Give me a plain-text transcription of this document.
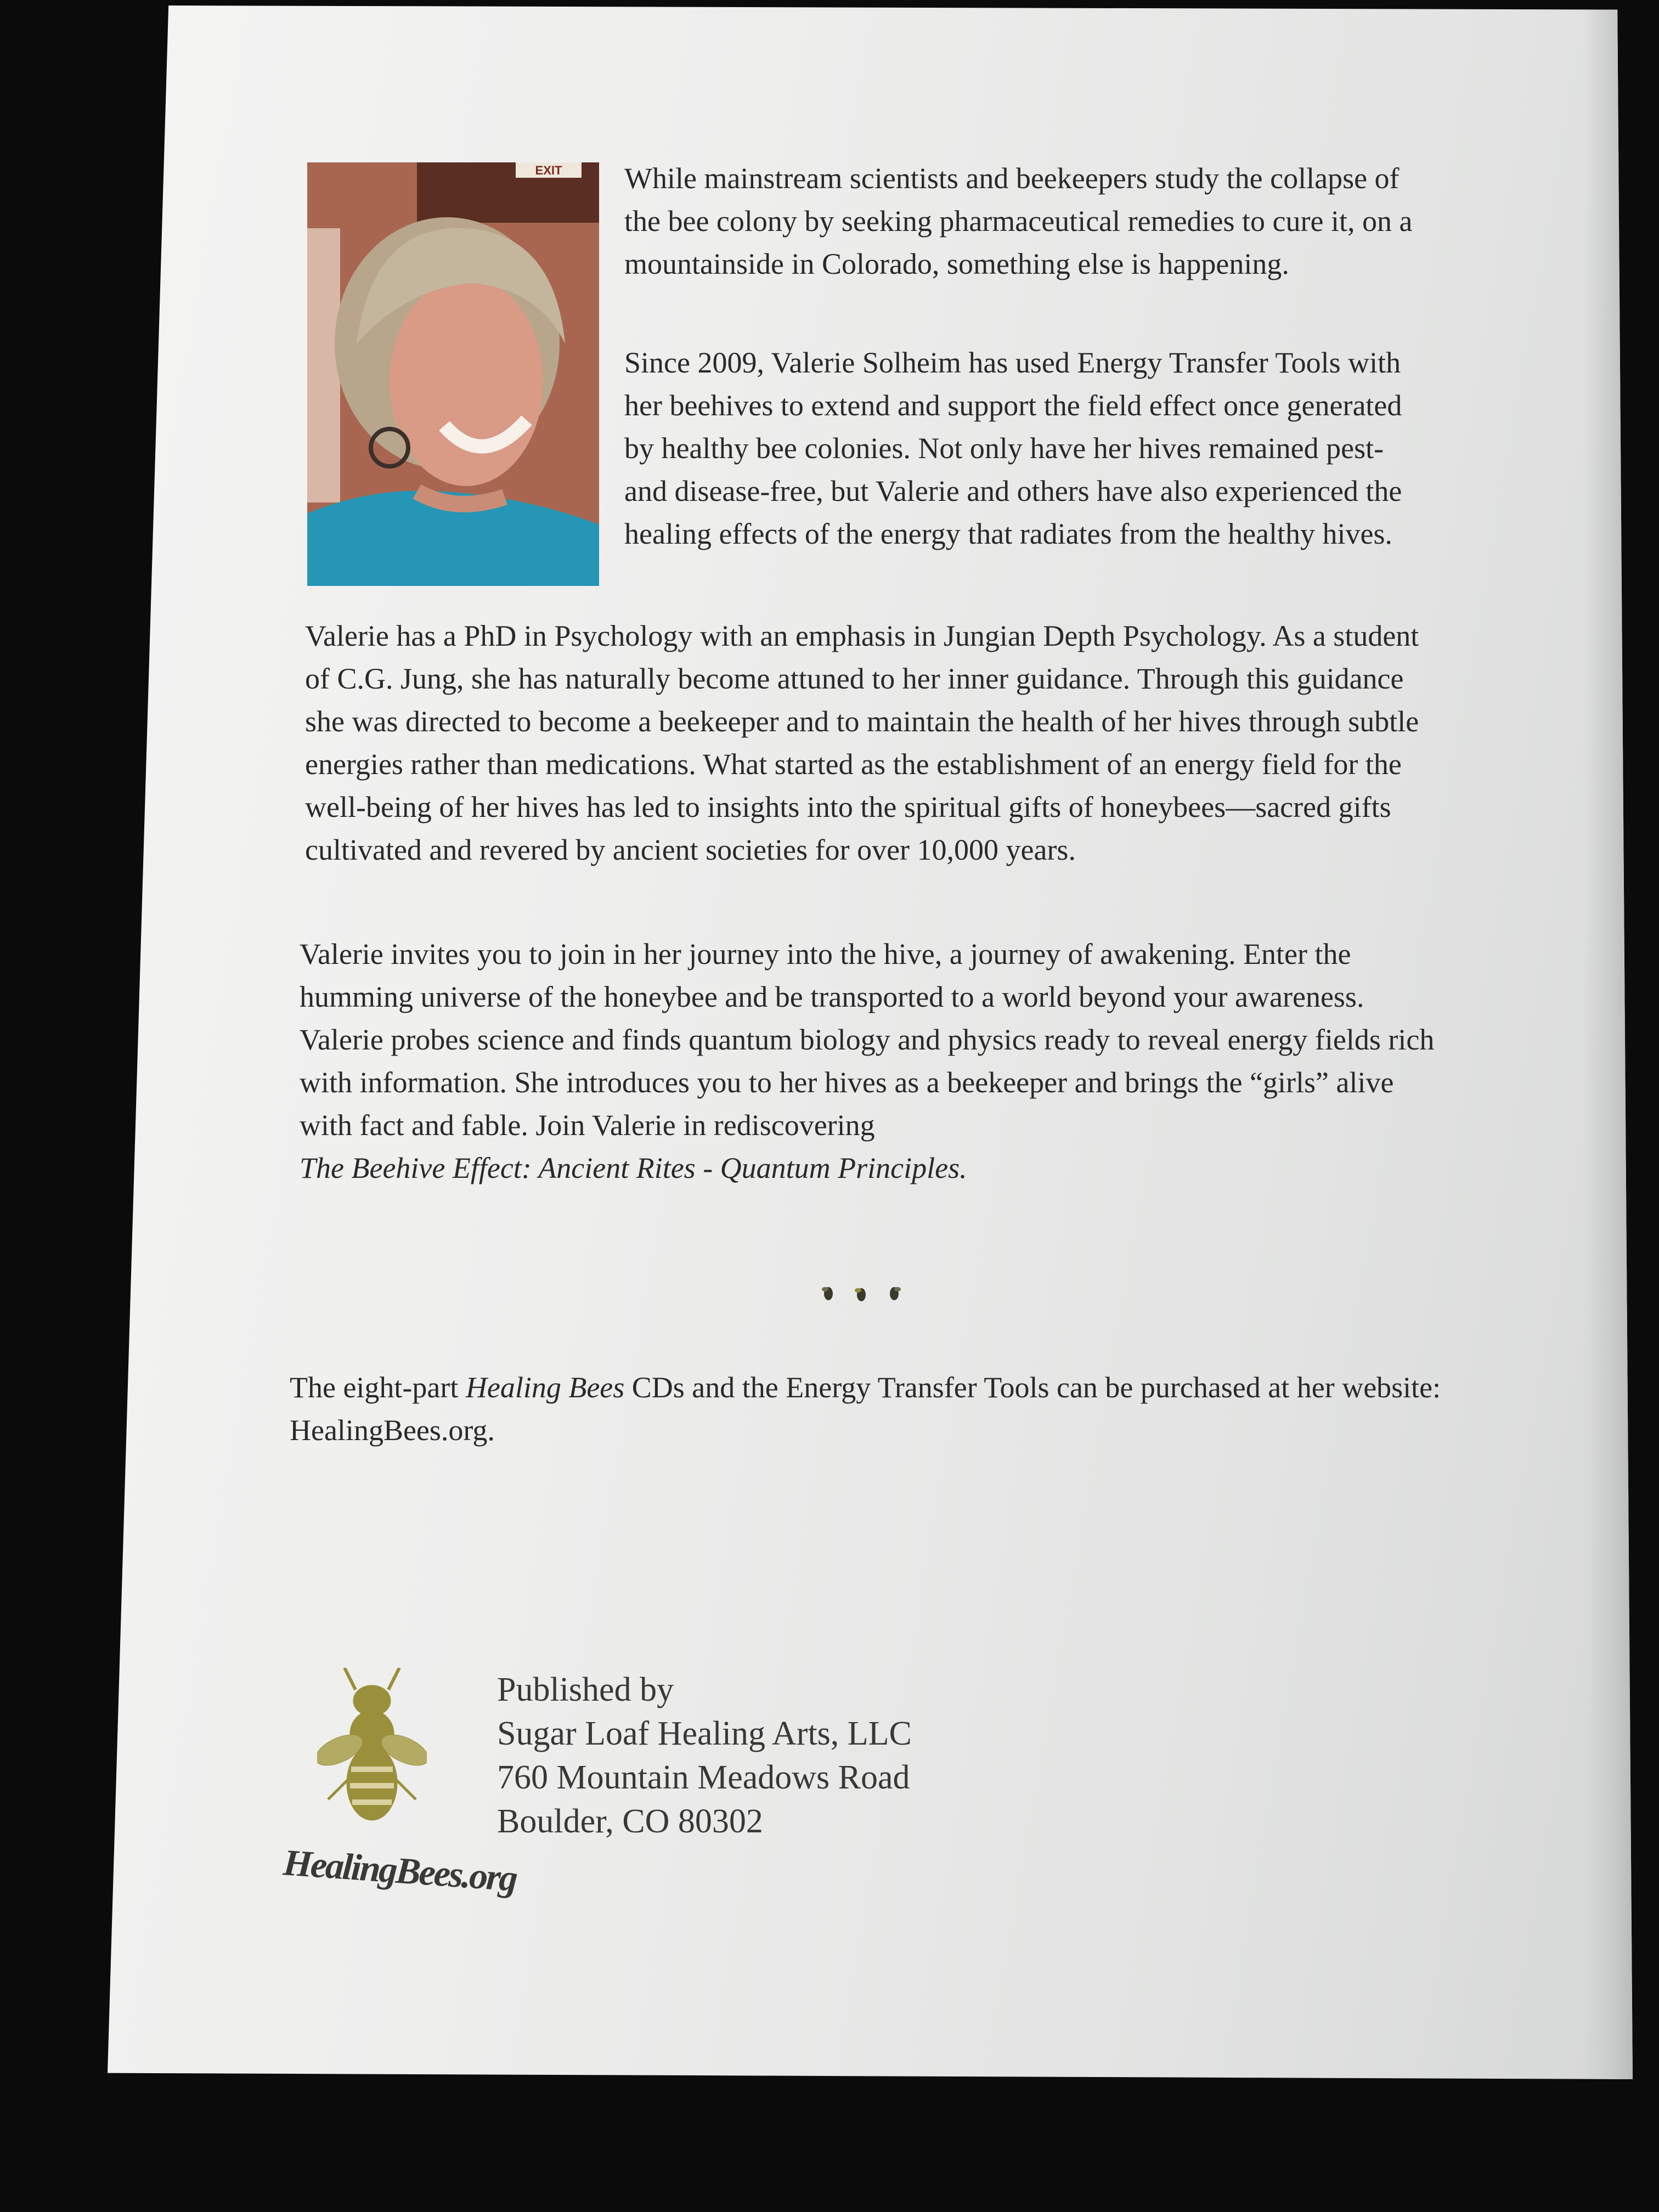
EXIT While mainstream scientists and beekeepers study the collapse of the bee colony by seeking pharmaceutical remedies to cure it, on a mountainside in Colorado, something else is happening.

Since 2009, Valerie Solheim has used Energy Transfer Tools with her beehives to extend and support the field effect once generated by healthy bee colonies. Not only have her hives remained pest- and disease-free, but Valerie and others have also experienced the healing effects of the energy that radiates from the healthy hives.

Valerie has a PhD in Psychology with an emphasis in Jungian Depth Psychology. As a student of C.G. Jung, she has naturally become attuned to her inner guidance. Through this guidance she was directed to become a beekeeper and to maintain the health of her hives through subtle energies rather than medications. What started as the establishment of an energy field for the well-being of her hives has led to insights into the spiritual gifts of honeybees—sacred gifts cultivated and revered by ancient societies for over 10,000 years.

Valerie invites you to join in her journey into the hive, a journey of awakening. Enter the humming universe of the honeybee and be transported to a world beyond your awareness. Valerie probes science and finds quantum biology and physics ready to reveal energy fields rich with information. She introduces you to her hives as a beekeeper and brings the “girls” alive with fact and fable. Join Valerie in rediscovering
The Beehive Effect: Ancient Rites - Quantum Principles.

The eight-part Healing Bees CDs and the Energy Transfer Tools can be purchased at her website: HealingBees.org.

HealingBees.org
Published by
Sugar Loaf Healing Arts, LLC
760 Mountain Meadows Road
Boulder, CO 80302
